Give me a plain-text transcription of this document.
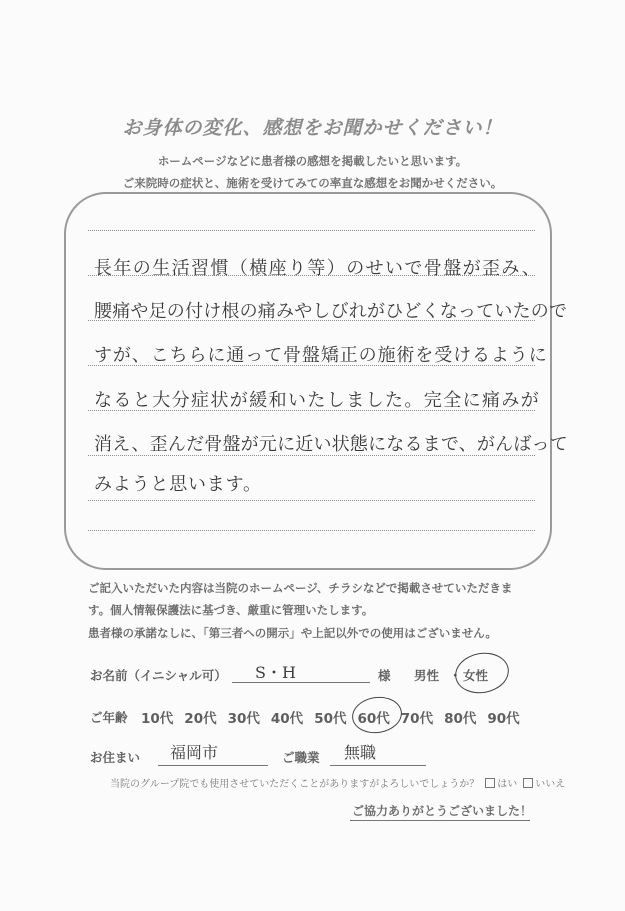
お身体の変化、感想をお聞かせください！
ホームページなどに患者様の感想を掲載したいと思います。
ご来院時の症状と、施術を受けてみての率直な感想をお聞かせください。
長年の生活習慣（横座り等）のせいで骨盤が歪み、
腰痛や足の付け根の痛みやしびれがひどくなっていたので
すが、こちらに通って骨盤矯正の施術を受けるように
なると大分症状が緩和いたしました。完全に痛みが
消え、歪んだ骨盤が元に近い状態になるまで、がんばって
みようと思います。
ご記入いただいた内容は当院のホームページ、チラシなどで掲載させていただきま
す。個人情報保護法に基づき、厳重に管理いたします。
患者様の承諾なしに、「第三者への開示」や上記以外での使用はございません。
お名前（イニシャル可） S・H	様 男性 ・ 女性
ご年齢 10代 20代 30代 40代 50代 60代 70代 80代 90代
お住まい 福岡市	ご職業 無職
当院のグループ院でも使用させていただくことがありますがよろしいでしょうか？ はい いいえ
ご協力ありがとうございました！
